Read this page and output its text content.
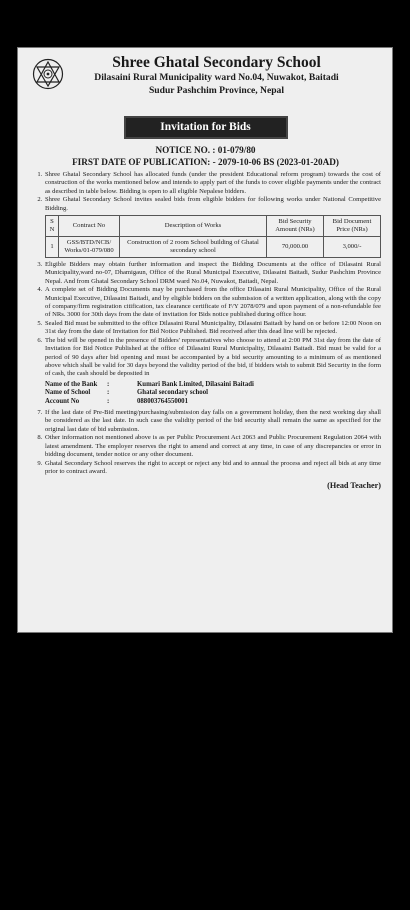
Shree Ghatal Secondary School
Dilasaini Rural Municipality ward No.04, Nuwakot, Baitadi
Sudur Pashchim Province, Nepal
Invitation for Bids
NOTICE NO. : 01-079/80
FIRST DATE OF PUBLICATION: - 2079-10-06 BS (2023-01-20AD)
1. Shree Ghatal Secondary School has allocated funds (under the president Educational reform program) towards the cost of construction of the works mentioned below and intends to apply part of the funds to cover eligible payments under the contract as described in table below. Bidding is open to all eligible Nepalese bidders.
2. Shree Ghatal Secondary School invites sealed bids from eligible bidders for following works under National Competitive Bidding.
S N	Contract No	Description of Works	Bid Security Amount (NRs)	Bid Document Price (NRs)
1	GSS/BTD/NCB/ Works/01-079/080	Construction of 2 room School building of Ghatal secondary school	70,000.00	3,000/-
3. Eligible Bidders may obtain further information and inspect the Bidding Documents at the office of Dilasaini Rural Municipality,ward no-07, Dhamigaun, Office of the Rural Municipal Executive, Dilasaini Baitadi, Sudur Pashchim Province Nepal. And from Ghatal Secondary School DRM ward No.04, Nuwakot, Baitadi, Nepal.
4. A complete set of Bidding Documents may be purchased from the office Dilasaini Rural Municipality, Office of the Rural Municipal Executive, Dilasaini Baitadi, and by eligible bidders on the submission of a written application, along with the copy of company/firm registration citification, tax clearance certificate of F/Y 2078/079 and upon payment of a non-refundable fee of NRs. 3000 for 30th days from the date of invitation for Bids notice published during office hour.
5. Sealed Bid must be submitted to the office Dilasaini Rural Municipality, Dilasaini Baitadi by hand on or before 12:00 Noon on 31st day from the date of Invitation for Bid Notice Published. Bid received after this dead line will be rejected.
6. The bid will be opened in the presence of Bidders' representatives who choose to attend at 2:00 PM 31st day from the date of Invitation for Bid Notice Published at the office of Dilasaini Rural Municipality, Dilasaini Baitadi. Bid must be valid for a period of 90 days after bid opening and must be accompanied by a bid security amounting to a minimum of as mentioned above which shall be valid for 30 days beyond the validity period of the bid, if bidders wish to submit Bid Security in the form of cash, the cash should be deposited in
Name of the Bank	:	Kumari Bank Limited, Dilasaini Baitadi
Name of School	:	Ghatal secondary school
Account No	:	088003764550001
7. If the last date of Pre-Bid meeting/purchasing/submission day falls on a government holiday, then the next working day shall be considered as the last date. In such case the validity period of the bid security shall remain the same as specified for the original last date of bid submission.
8. Other information not mentioned above is as per Public Procurement Act 2063 and Public Procurement Regulation 2064 with latest amendment. The employer reserves the right to amend and correct at any time, in case of any discrepancies or error in bidding document, tender notice or any other document.
9. Ghatal Secondary School reserves the right to accept or reject any bid and to annual the process and reject all bids at any time prior to contract award.
(Head Teacher)
